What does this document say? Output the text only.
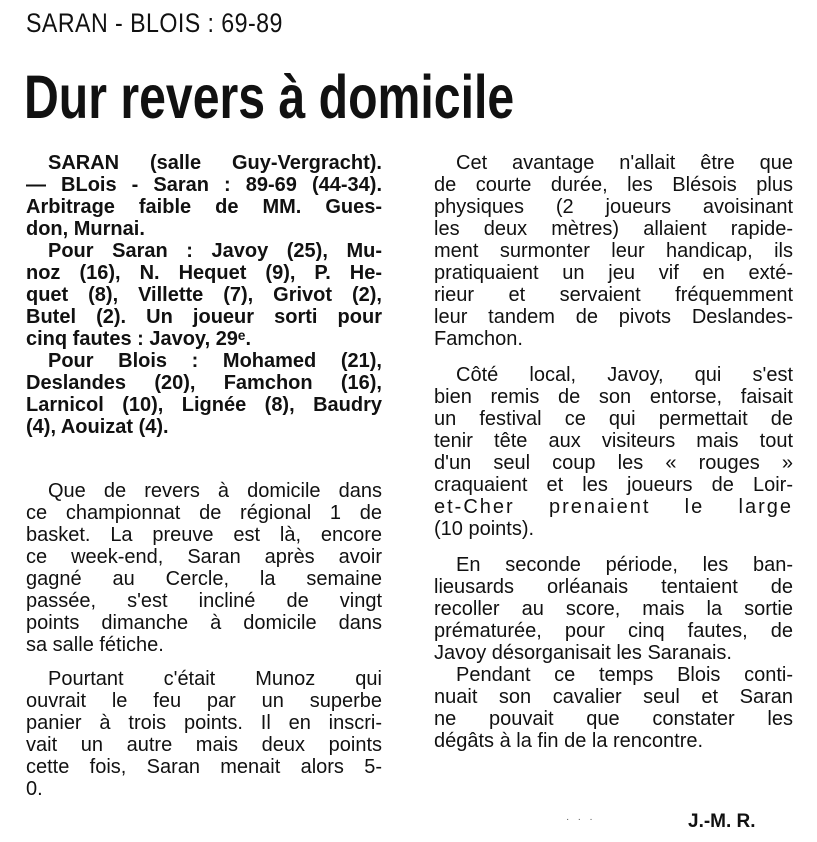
SARAN - BLOIS : 69-89
Dur revers à domicile
SARAN (salle Guy-Vergracht).
— BLois - Saran : 89-69 (44-34).
Arbitrage faible de MM. Gues-
don, Murnai.
Pour Saran : Javoy (25), Mu-
noz (16), N. Hequet (9), P. He-
quet (8), Villette (7), Grivot (2),
Butel (2). Un joueur sorti pour
cinq fautes : Javoy, 29ᵉ.
Pour Blois : Mohamed (21),
Deslandes (20), Famchon (16),
Larnicol (10), Lignée (8), Baudry
(4), Aouizat (4).
Que de revers à domicile dans
ce championnat de régional 1 de
basket. La preuve est là, encore
ce week-end, Saran après avoir
gagné au Cercle, la semaine
passée, s'est incliné de vingt
points dimanche à domicile dans
sa salle fétiche.
Pourtant c'était Munoz qui
ouvrait le feu par un superbe
panier à trois points. Il en inscri-
vait un autre mais deux points
cette fois, Saran menait alors 5-
0.
Cet avantage n'allait être que
de courte durée, les Blésois plus
physiques (2 joueurs avoisinant
les deux mètres) allaient rapide-
ment surmonter leur handicap, ils
pratiquaient un jeu vif en exté-
rieur et servaient fréquemment
leur tandem de pivots Deslandes-
Famchon.
Côté local, Javoy, qui s'est
bien remis de son entorse, faisait
un festival ce qui permettait de
tenir tête aux visiteurs mais tout
d'un seul coup les « rouges »
craquaient et les joueurs de Loir-
et-Cher prenaient le large
(10 points).
En seconde période, les ban-
lieusards orléanais tentaient de
recoller au score, mais la sortie
prématurée, pour cinq fautes, de
Javoy désorganisait les Saranais.
Pendant ce temps Blois conti-
nuait son cavalier seul et Saran
ne pouvait que constater les
dégâts à la fin de la rencontre.
·   ·   ·	J.-M. R.
